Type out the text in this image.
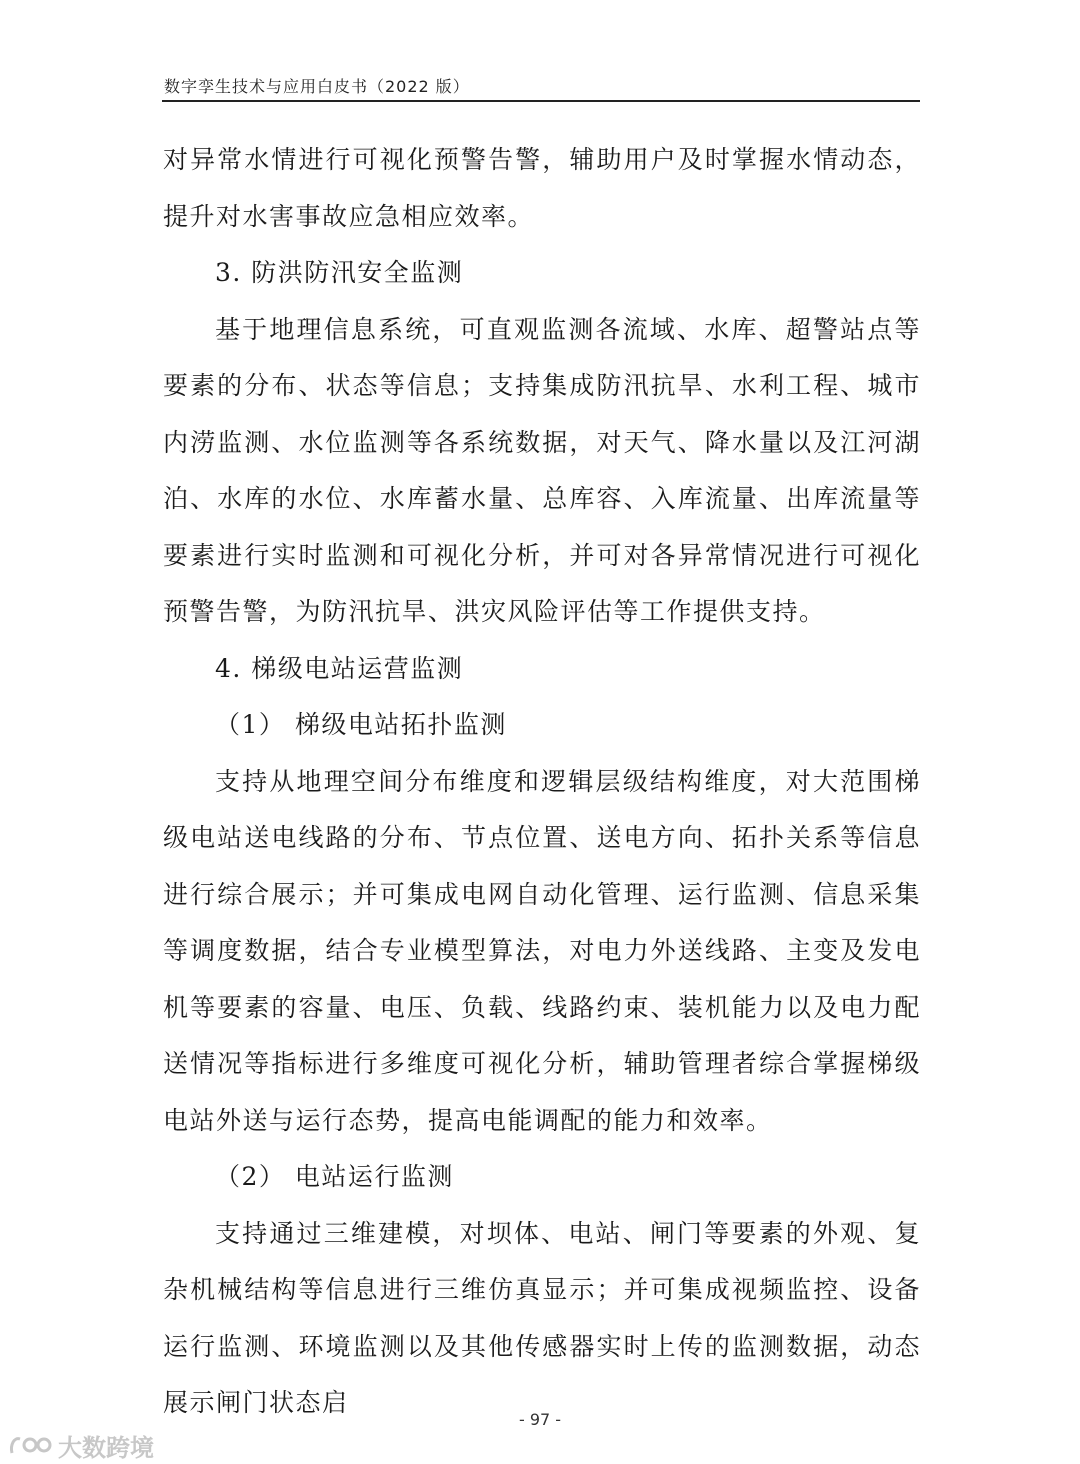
数字孪生技术与应用白皮书（2022 版）

对异常水情进行可视化预警告警，辅助用户及时掌握水情动态，提升对水害事故应急相应效率。

3. 防洪防汛安全监测

基于地理信息系统，可直观监测各流域、水库、超警站点等要素的分布、状态等信息；支持集成防汛抗旱、水利工程、城市内涝监测、水位监测等各系统数据，对天气、降水量以及江河湖泊、水库的水位、水库蓄水量、总库容、入库流量、出库流量等要素进行实时监测和可视化分析，并可对各异常情况进行可视化预警告警，为防汛抗旱、洪灾风险评估等工作提供支持。

4. 梯级电站运营监测

（1） 梯级电站拓扑监测

支持从地理空间分布维度和逻辑层级结构维度，对大范围梯级电站送电线路的分布、节点位置、送电方向、拓扑关系等信息进行综合展示；并可集成电网自动化管理、运行监测、信息采集等调度数据，结合专业模型算法，对电力外送线路、主变及发电机等要素的容量、电压、负载、线路约束、装机能力以及电力配送情况等指标进行多维度可视化分析，辅助管理者综合掌握梯级电站外送与运行态势，提高电能调配的能力和效率。

（2） 电站运行监测

支持通过三维建模，对坝体、电站、闸门等要素的外观、复杂机械结构等信息进行三维仿真显示；并可集成视频监控、设备运行监测、环境监测以及其他传感器实时上传的监测数据，动态展示闸门状态启

- 97 -
大数跨境
